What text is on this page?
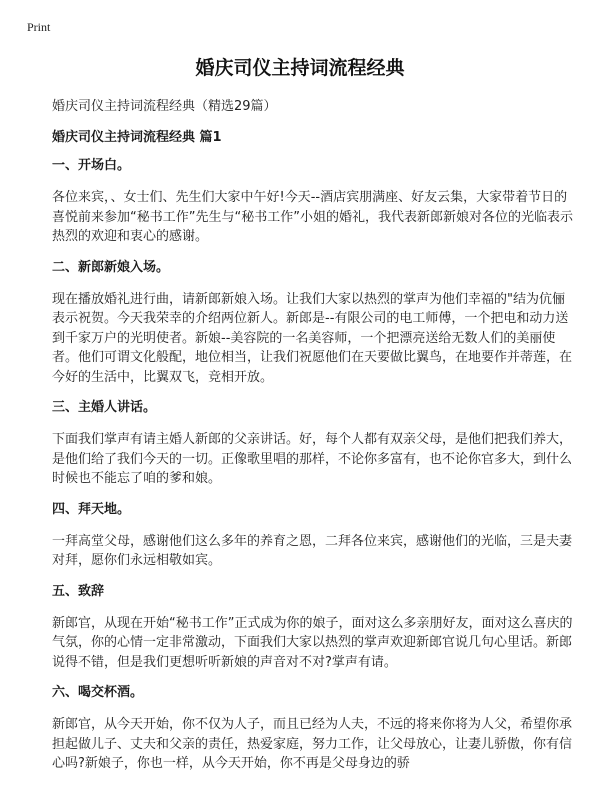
Print
婚庆司仪主持词流程经典
婚庆司仪主持词流程经典（精选29篇）
婚庆司仪主持词流程经典 篇1
一、开场白。
各位来宾，、女士们、先生们大家中午好!今天--酒店宾朋满座、好友云集，大家带着节日的喜悦前来参加“秘书工作”先生与“秘书工作”小姐的婚礼，我代表新郎新娘对各位的光临表示热烈的欢迎和衷心的感谢。
二、新郎新娘入场。
现在播放婚礼进行曲，请新郎新娘入场。让我们大家以热烈的掌声为他们幸福的"结为伉俪表示祝贺。今天我荣幸的介绍两位新人。新郎是--有限公司的电工师傅，一个把电和动力送到千家万户的光明使者。新娘--美容院的一名美容师，一个把漂亮送给无数人们的美丽使者。他们可谓文化般配，地位相当，让我们祝愿他们在天要做比翼鸟，在地要作并蒂莲，在今好的生活中，比翼双飞，竞相开放。
三、主婚人讲话。
下面我们掌声有请主婚人新郎的父亲讲话。好，每个人都有双亲父母，是他们把我们养大，是他们给了我们今天的一切。正像歌里唱的那样，不论你多富有，也不论你官多大，到什么时候也不能忘了咱的爹和娘。
四、拜天地。
一拜高堂父母，感谢他们这么多年的养育之恩，二拜各位来宾，感谢他们的光临，三是夫妻对拜，愿你们永远相敬如宾。
五、致辞
新郎官，从现在开始“秘书工作”正式成为你的娘子，面对这么多亲朋好友，面对这么喜庆的气氛，你的心情一定非常激动，下面我们大家以热烈的掌声欢迎新郎官说几句心里话。新郎说得不错，但是我们更想听听新娘的声音对不对?掌声有请。
六、喝交杯酒。
新郎官，从今天开始，你不仅为人子，而且已经为人夫，不远的将来你将为人父，希望你承担起做儿子、丈夫和父亲的责任，热爱家庭，努力工作，让父母放心，让妻儿骄傲，你有信心吗?新娘子，你也一样，从今天开始，你不再是父母身边的骄
